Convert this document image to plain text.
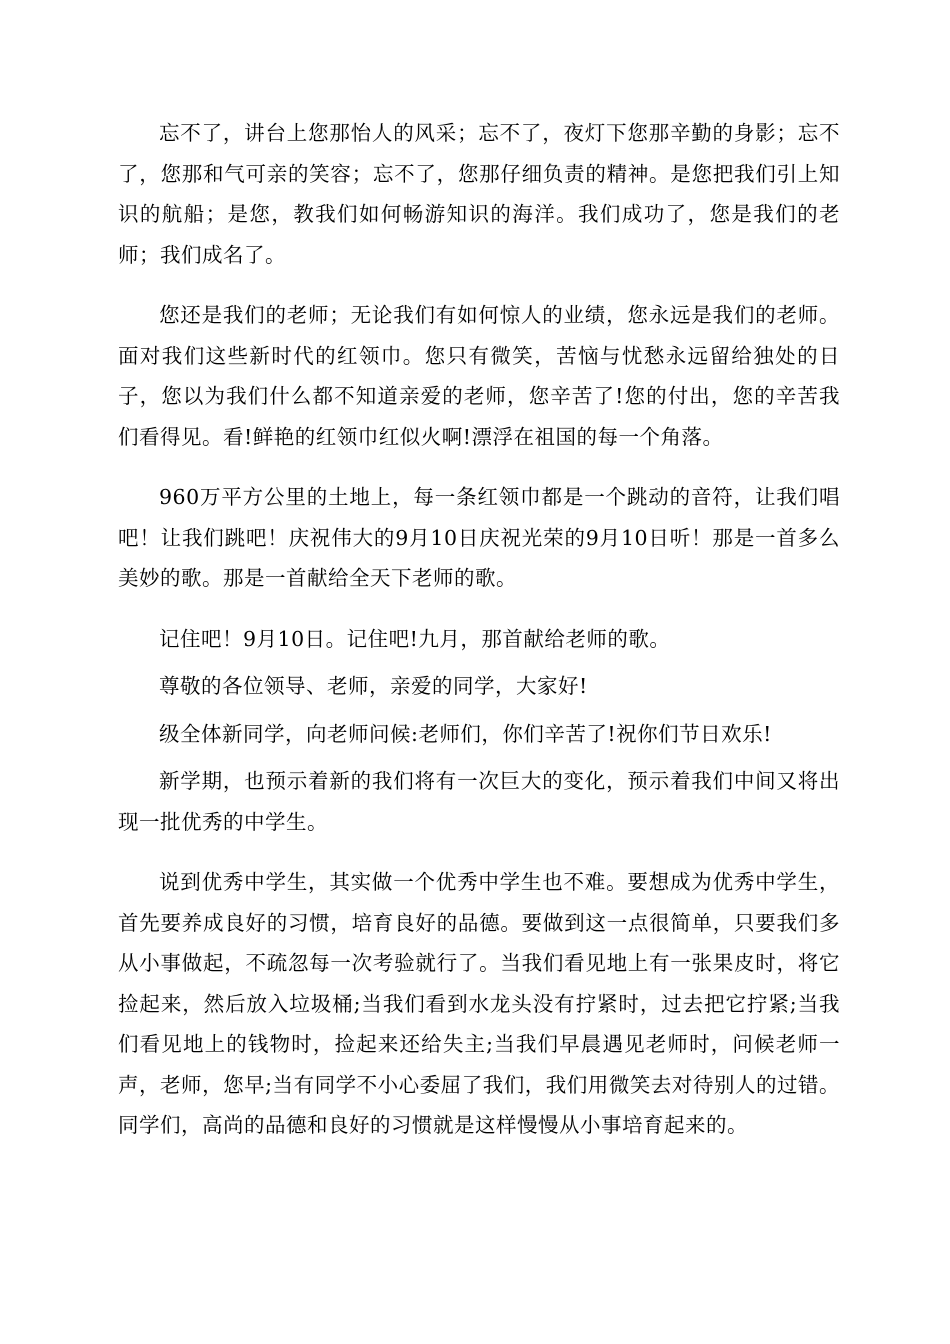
忘不了，讲台上您那怡人的风采；忘不了，夜灯下您那辛勤的身影；忘不了，您那和气可亲的笑容；忘不了，您那仔细负责的精神。是您把我们引上知识的航船；是您，教我们如何畅游知识的海洋。我们成功了，您是我们的老师；我们成名了。

您还是我们的老师；无论我们有如何惊人的业绩，您永远是我们的老师。面对我们这些新时代的红领巾。您只有微笑，苦恼与忧愁永远留给独处的日子，您以为我们什么都不知道亲爱的老师，您辛苦了!您的付出，您的辛苦我们看得见。看!鲜艳的红领巾红似火啊!漂浮在祖国的每一个角落。

960万平方公里的土地上，每一条红领巾都是一个跳动的音符，让我们唱吧！让我们跳吧！庆祝伟大的9月10日庆祝光荣的9月10日听！那是一首多么美妙的歌。那是一首献给全天下老师的歌。

记住吧！9月10日。记住吧!九月，那首献给老师的歌。

尊敬的各位领导、老师，亲爱的同学，大家好!

级全体新同学，向老师问候:老师们，你们辛苦了!祝你们节日欢乐!

新学期，也预示着新的我们将有一次巨大的变化，预示着我们中间又将出现一批优秀的中学生。

说到优秀中学生，其实做一个优秀中学生也不难。要想成为优秀中学生，首先要养成良好的习惯，培育良好的品德。要做到这一点很简单，只要我们多从小事做起，不疏忽每一次考验就行了。当我们看见地上有一张果皮时，将它捡起来，然后放入垃圾桶;当我们看到水龙头没有拧紧时，过去把它拧紧;当我们看见地上的钱物时，捡起来还给失主;当我们早晨遇见老师时，问候老师一声，老师，您早;当有同学不小心委屈了我们，我们用微笑去对待别人的过错。同学们，高尚的品德和良好的习惯就是这样慢慢从小事培育起来的。
